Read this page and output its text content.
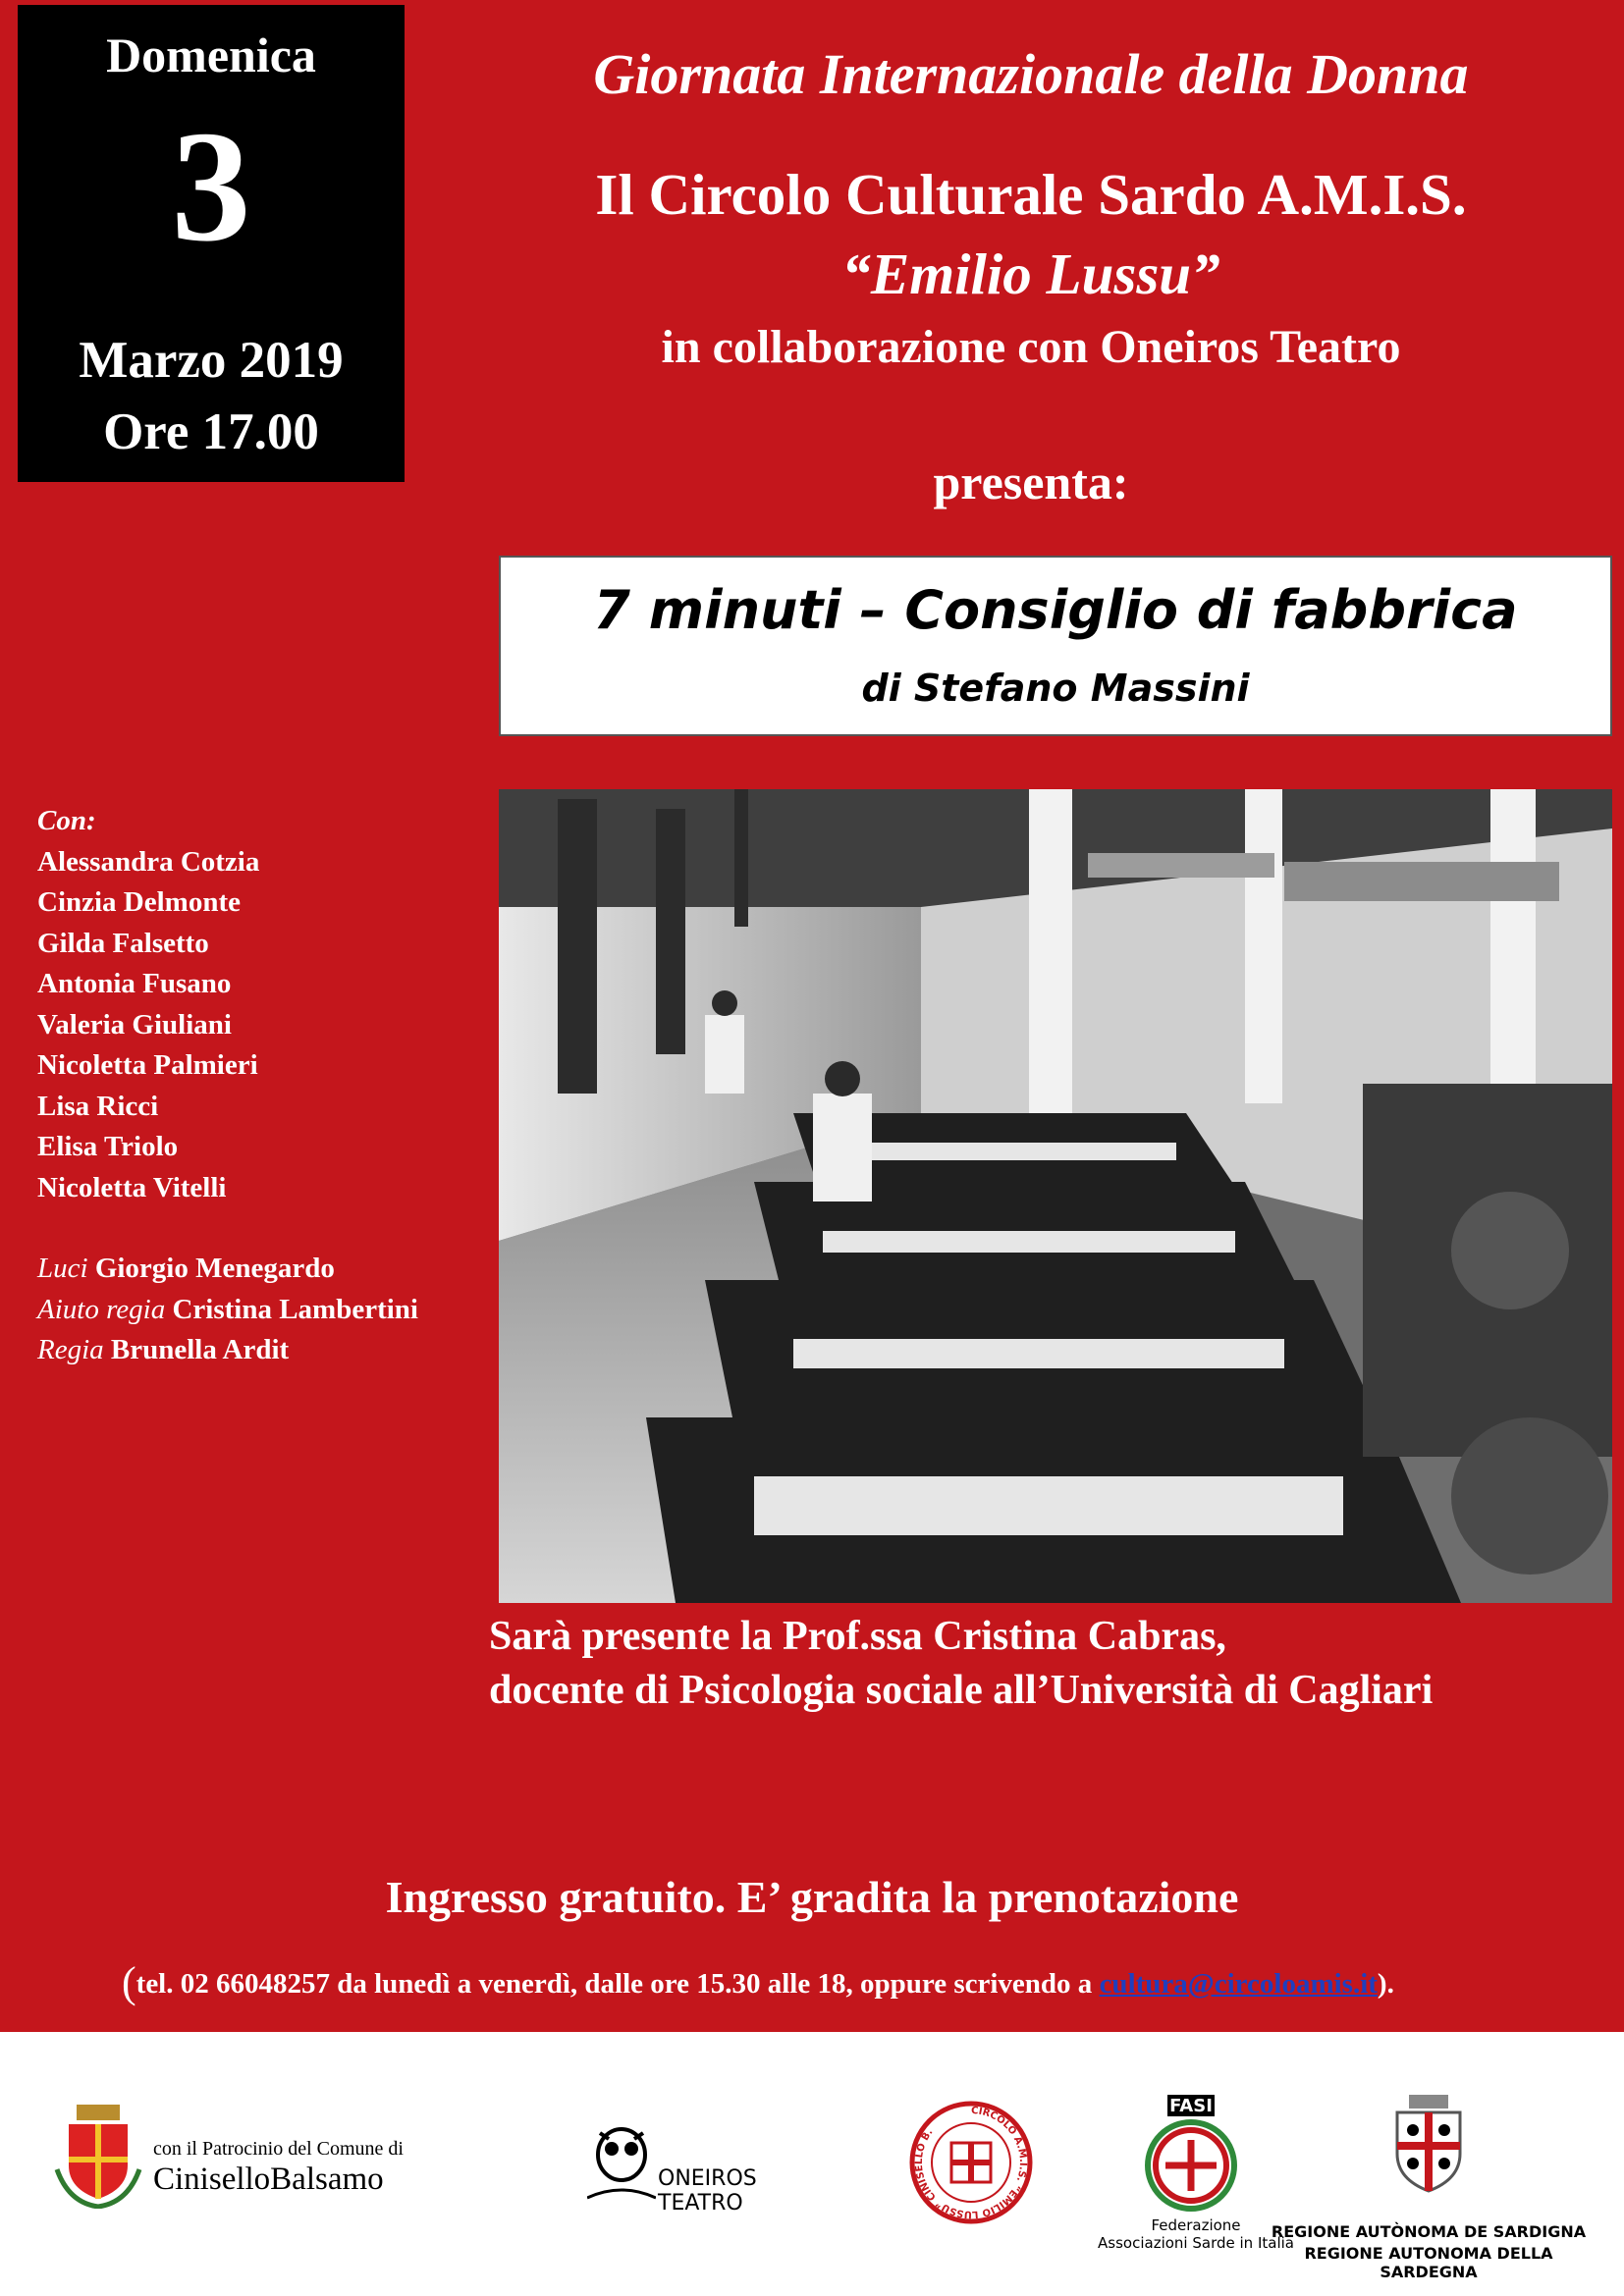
Domenica
3
Marzo 2019
Ore 17.00
Giornata Internazionale della Donna
Il Circolo Culturale Sardo A.M.I.S.
“Emilio Lussu”
in collaborazione con Oneiros Teatro
presenta:
7 minuti – Consiglio di fabbrica
di Stefano Massini
Con:
Alessandra Cotzia
Cinzia Delmonte
Gilda Falsetto
Antonia Fusano
Valeria Giuliani
Nicoletta Palmieri
Lisa Ricci
Elisa Triolo
Nicoletta Vitelli
Luci Giorgio Menegardo
Aiuto regia Cristina Lambertini
Regia Brunella Ardit
Sarà presente la Prof.ssa Cristina Cabras,
docente di Psicologia sociale all’Università di Cagliari
Ingresso gratuito. E’ gradita la prenotazione
(tel. 02 66048257 da lunedì a venerdì, dalle ore 15.30 alle 18, oppure scrivendo a cultura@circoloamis.it).
con il Patrocinio del Comune di
CiniselloBalsamo	ONEIROS TEATRO
CIRCOLO A.M.I.S. “EMILIO LUSSU” CINISELLO B.
FASI
Federazione
Associazioni Sarde in Italia
REGIONE AUTÒNOMA DE SARDIGNA
REGIONE AUTONOMA DELLA SARDEGNA
